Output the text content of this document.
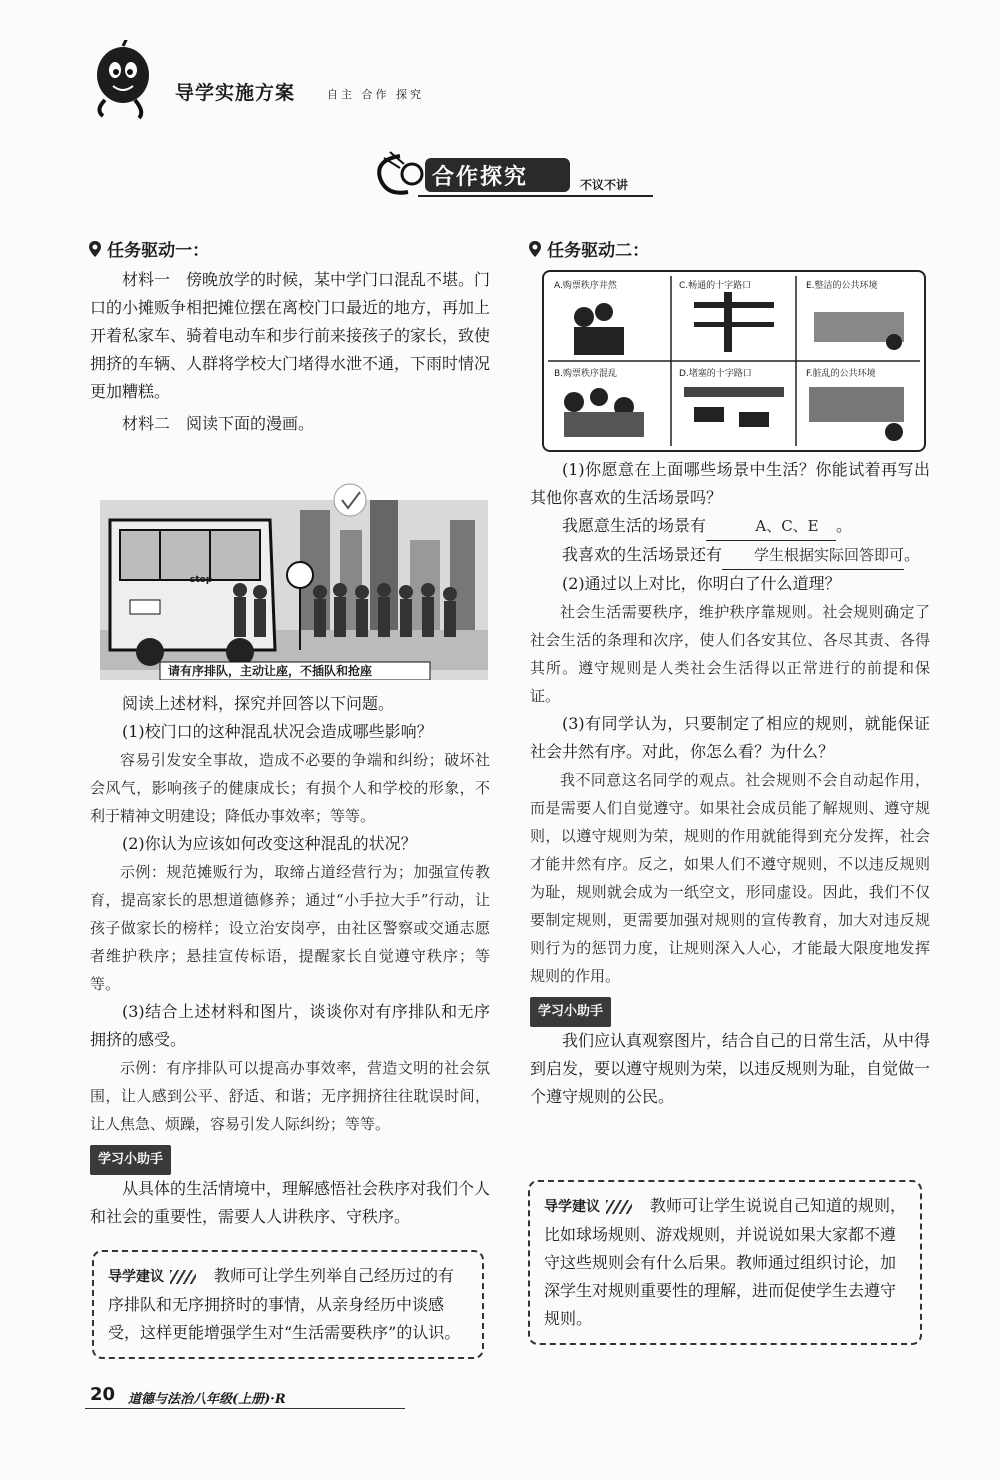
导学实施方案	自主 合作 探究
合作探究	不议不讲
任务驱动一：

材料一　傍晚放学的时候，某中学门口混乱不堪。门口的小摊贩争相把摊位摆在离校门口最近的地方，再加上开着私家车、骑着电动车和步行前来接孩子的家长，致使拥挤的车辆、人群将学校大门堵得水泄不通，下雨时情况更加糟糕。

材料二　阅读下面的漫画。

stop
请有序排队，主动让座，不插队和抢座

阅读上述材料，探究并回答以下问题。

(1)校门口的这种混乱状况会造成哪些影响？

容易引发安全事故，造成不必要的争端和纠纷；破坏社会风气，影响孩子的健康成长；有损个人和学校的形象，不利于精神文明建设；降低办事效率；等等。

(2)你认为应该如何改变这种混乱的状况？

示例：规范摊贩行为，取缔占道经营行为；加强宣传教育，提高家长的思想道德修养；通过“小手拉大手”行动，让孩子做家长的榜样；设立治安岗亭，由社区警察或交通志愿者维护秩序；悬挂宣传标语，提醒家长自觉遵守秩序；等等。

(3)结合上述材料和图片，谈谈你对有序排队和无序拥挤的感受。

示例：有序排队可以提高办事效率，营造文明的社会氛围，让人感到公平、舒适、和谐；无序拥挤往往耽误时间，让人焦急、烦躁，容易引发人际纠纷；等等。

学习小助手

从具体的生活情境中，理解感悟社会秩序对我们个人和社会的重要性，需要人人讲秩序、守秩序。

导学建议	教师可让学生列举自己经历过的有序排队和无序拥挤时的事情，从亲身经历中谈感受，这样更能增强学生对“生活需要秩序”的认识。
任务驱动二：
A.购票秩序井然	C.畅通的十字路口	E.整洁的公共环境
B.购票秩序混乱	D.堵塞的十字路口	F.脏乱的公共环境

(1)你愿意在上面哪些场景中生活？你能试着再写出其他你喜欢的生活场景吗？

我愿意生活的场景有	A、C、E 。

我喜欢的生活场景还有 学生根据实际回答即可。

(2)通过以上对比，你明白了什么道理？

社会生活需要秩序，维护秩序靠规则。社会规则确定了社会生活的条理和次序，使人们各安其位、各尽其责、各得其所。遵守规则是人类社会生活得以正常进行的前提和保证。

(3)有同学认为，只要制定了相应的规则，就能保证社会井然有序。对此，你怎么看？为什么？

我不同意这名同学的观点。社会规则不会自动起作用，而是需要人们自觉遵守。如果社会成员能了解规则、遵守规则，以遵守规则为荣，规则的作用就能得到充分发挥，社会才能井然有序。反之，如果人们不遵守规则，不以违反规则为耻，规则就会成为一纸空文，形同虚设。因此，我们不仅要制定规则，更需要加强对规则的宣传教育，加大对违反规则行为的惩罚力度，让规则深入人心，才能最大限度地发挥规则的作用。

学习小助手

我们应认真观察图片，结合自己的日常生活，从中得到启发，要以遵守规则为荣，以违反规则为耻，自觉做一个遵守规则的公民。

导学建议	教师可让学生说说自己知道的规则，比如球场规则、游戏规则，并说说如果大家都不遵守这些规则会有什么后果。教师通过组织讨论，加深学生对规则重要性的理解，进而促使学生去遵守规则。
20 道德与法治八年级(上册)·R
